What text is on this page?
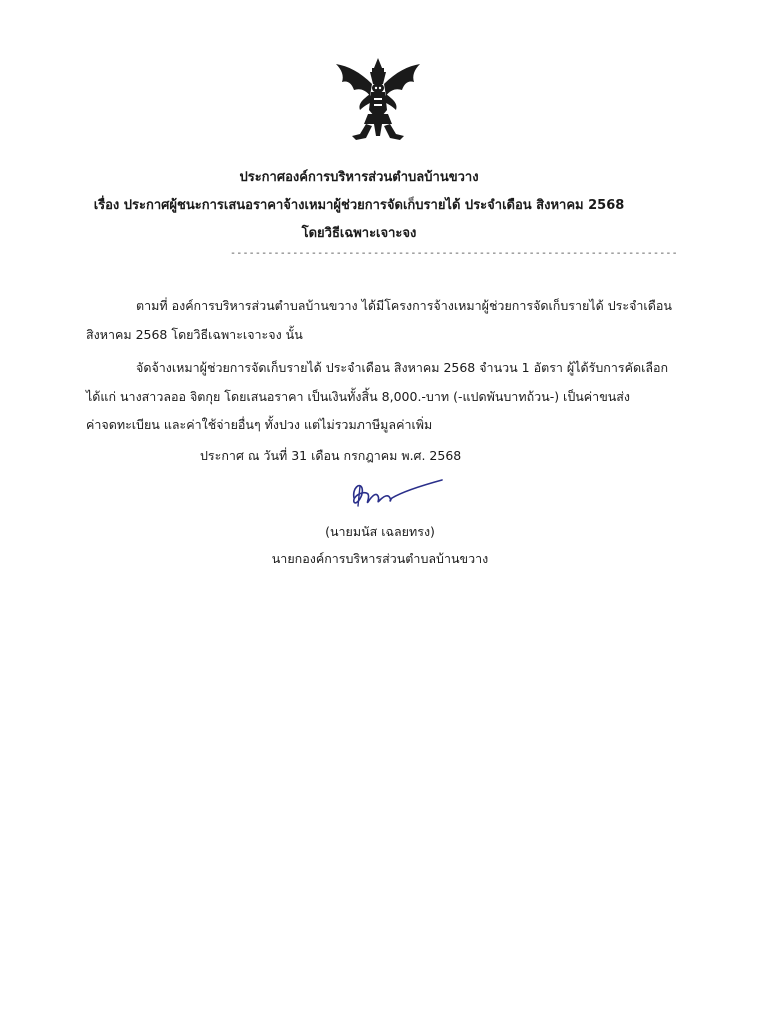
ประกาศองค์การบริหารส่วนตำบลบ้านขวาง
เรื่อง ประกาศผู้ชนะการเสนอราคาจ้างเหมาผู้ช่วยการจัดเก็บรายได้ ประจำเดือน สิงหาคม 2568
โดยวิธีเฉพาะเจาะจง
------------------------------------------------------------------------
ตามที่ องค์การบริหารส่วนตำบลบ้านขวาง ได้มีโครงการจ้างเหมาผู้ช่วยการจัดเก็บรายได้ ประจำเดือน
สิงหาคม 2568 โดยวิธีเฉพาะเจาะจง นั้น
จัดจ้างเหมาผู้ช่วยการจัดเก็บรายได้ ประจำเดือน สิงหาคม 2568 จำนวน 1 อัตรา ผู้ได้รับการคัดเลือก
ได้แก่ นางสาวลออ จิตกุย โดยเสนอราคา เป็นเงินทั้งสิ้น 8,000.-บาท (-แปดพันบาทถ้วน-) เป็นค่าขนส่ง
ค่าจดทะเบียน และค่าใช้จ่ายอื่นๆ ทั้งปวง แต่ไม่รวมภาษีมูลค่าเพิ่ม
ประกาศ ณ วันที่ 31 เดือน กรกฎาคม พ.ศ. 2568
(นายมนัส เฉลยทรง)
นายกองค์การบริหารส่วนตำบลบ้านขวาง
